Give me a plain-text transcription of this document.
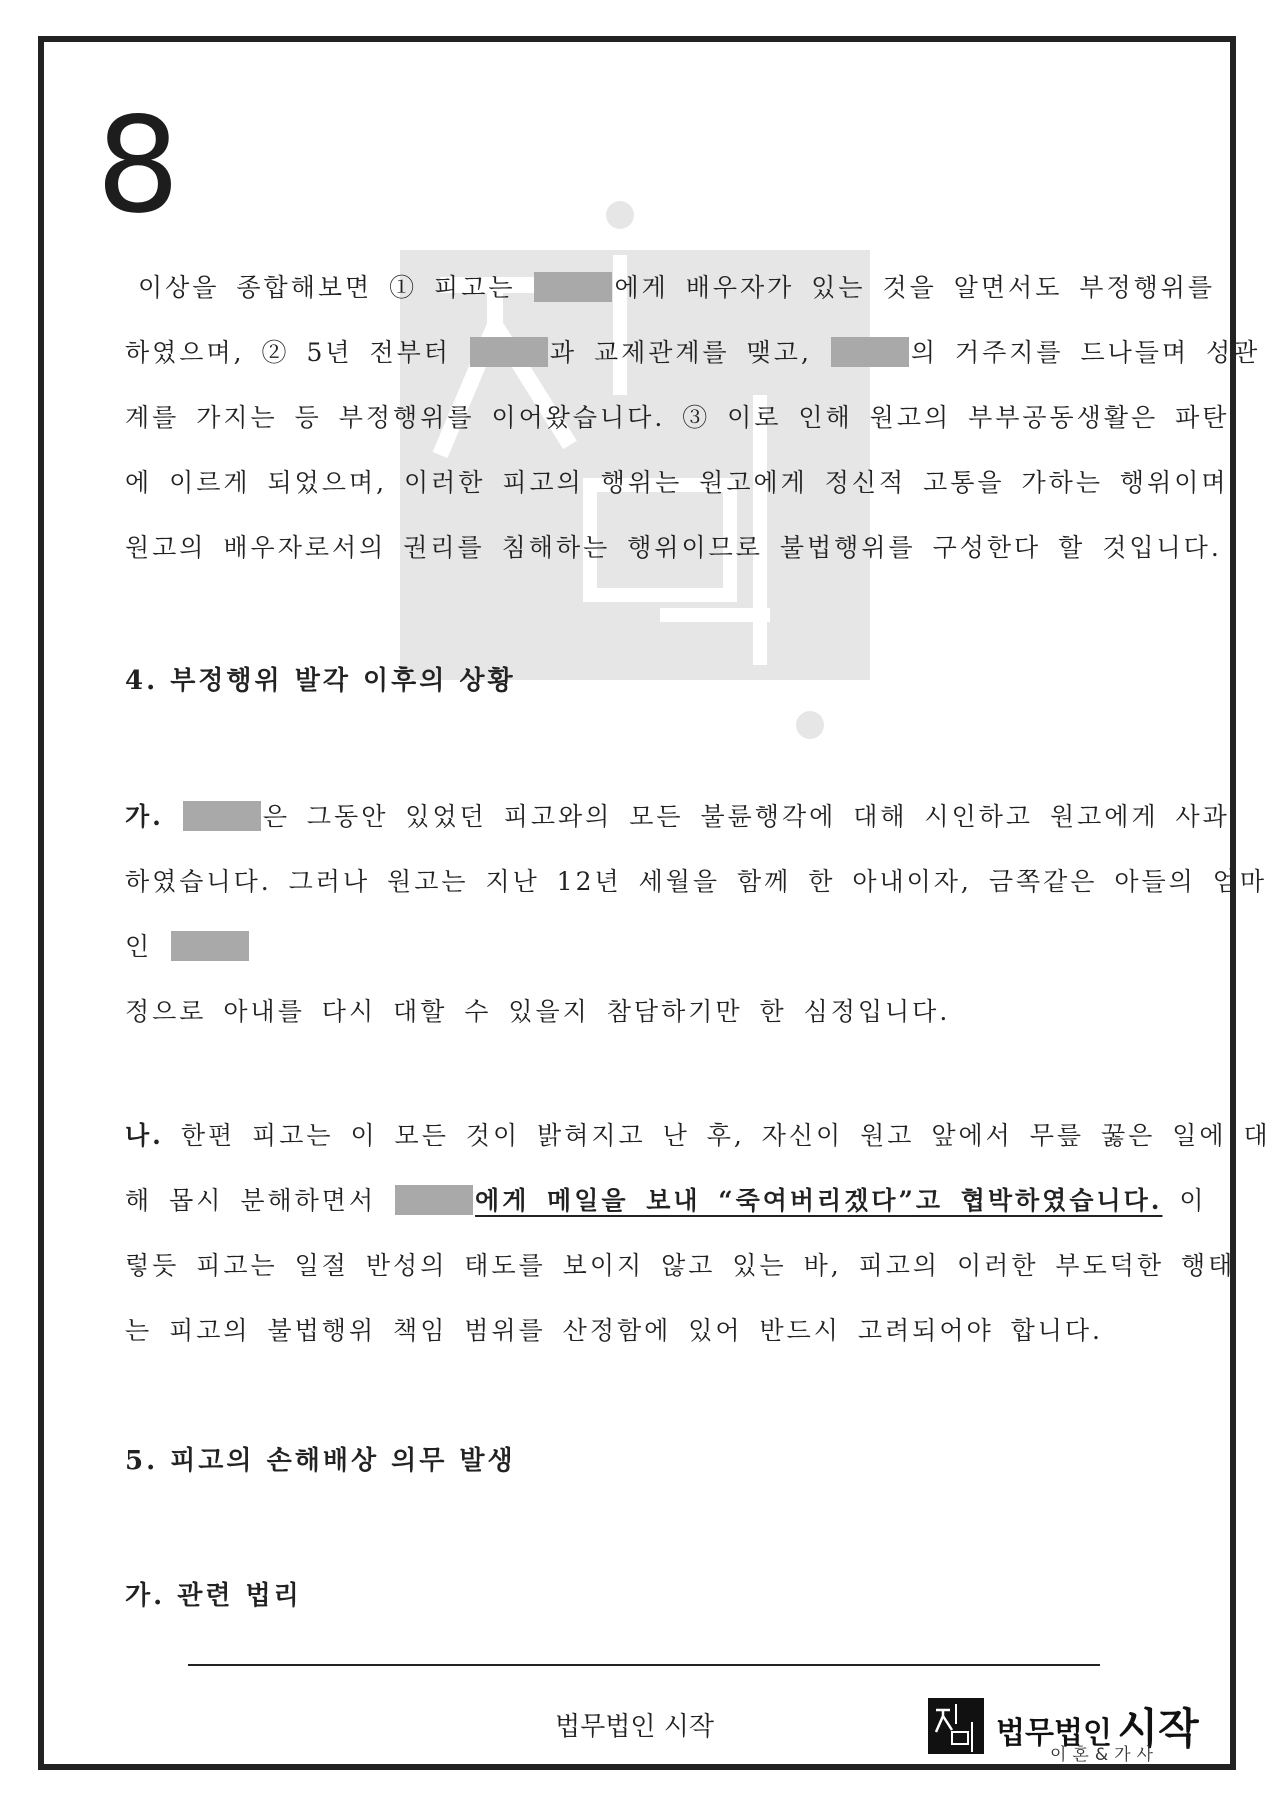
8
이상을 종합해보면 ① 피고는	에게 배우자가 있는 것을 알면서도 부정행위를
하였으며, ② 5년 전부터	과 교제관계를 맺고,	의 거주지를 드나들며 성관
계를 가지는 등 부정행위를 이어왔습니다. ③ 이로 인해 원고의 부부공동생활은 파탄
에 이르게 되었으며, 이러한 피고의 행위는 원고에게 정신적 고통을 가하는 행위이며
원고의 배우자로서의 권리를 침해하는 행위이므로 불법행위를 구성한다 할 것입니다.
4. 부정행위 발각 이후의 상황
가.	은 그동안 있었던 피고와의 모든 불륜행각에 대해 시인하고 원고에게 사과
하였습니다. 그러나 원고는 지난 12년 세월을 함께 한 아내이자, 금쪽같은 아들의 엄마
인
정으로 아내를 다시 대할 수 있을지 참담하기만 한 심정입니다.
나. 한편 피고는 이 모든 것이 밝혀지고 난 후, 자신이 원고 앞에서 무릎 꿇은 일에 대
해 몹시 분해하면서	에게 메일을 보내 “죽여버리겠다”고 협박하였습니다. 이
렇듯 피고는 일절 반성의 태도를 보이지 않고 있는 바, 피고의 이러한 부도덕한 행태
는 피고의 불법행위 책임 범위를 산정함에 있어 반드시 고려되어야 합니다.
5. 피고의 손해배상 의무 발생
가. 관련 법리
법무법인 시작	법무법인 시작
이혼&가사
